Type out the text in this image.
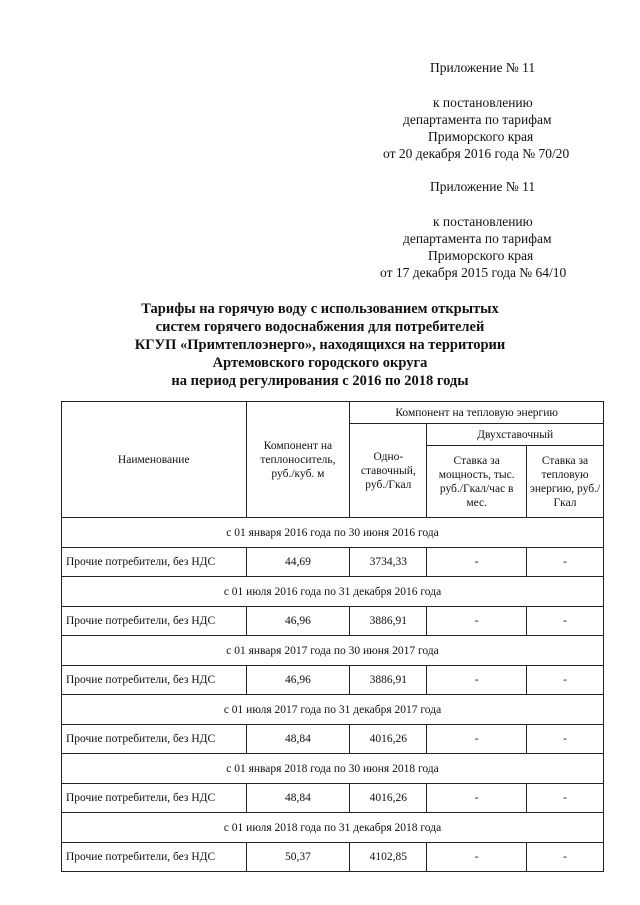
Приложение № 11
к постановлению
департамента по тарифам
Приморского края
от 20 декабря 2016 года № 70/20
Приложение № 11
к постановлению
департамента по тарифам
Приморского края
от 17 декабря 2015 года № 64/10
Тарифы на горячую воду с использованием открытых
систем горячего водоснабжения для потребителей
КГУП «Примтеплоэнерго», находящихся на территории
Артемовского городского округа
на период регулирования с 2016 по 2018 годы
Наименование	Компонент на теплоноситель, руб./куб. м	Компонент на тепловую энергию		
		Одно-ставочный, руб./Гкал	Двухставочный	
			Ставка за мощность, тыс. руб./Гкал/час в мес.	Ставка за тепловую энергию, руб./Гкал
с 01 января 2016 года по 30 июня 2016 года				
Прочие потребители, без НДС	44,69	3734,33	-	-
с 01 июля 2016 года по 31 декабря 2016 года				
Прочие потребители, без НДС	46,96	3886,91	-	-
с 01 января 2017 года по 30 июня 2017 года				
Прочие потребители, без НДС	46,96	3886,91	-	-
с 01 июля 2017 года по 31 декабря 2017 года				
Прочие потребители, без НДС	48,84	4016,26	-	-
с 01 января 2018 года по 30 июня 2018 года				
Прочие потребители, без НДС	48,84	4016,26	-	-
с 01 июля 2018 года по 31 декабря 2018 года				
Прочие потребители, без НДС	50,37	4102,85	-	-
